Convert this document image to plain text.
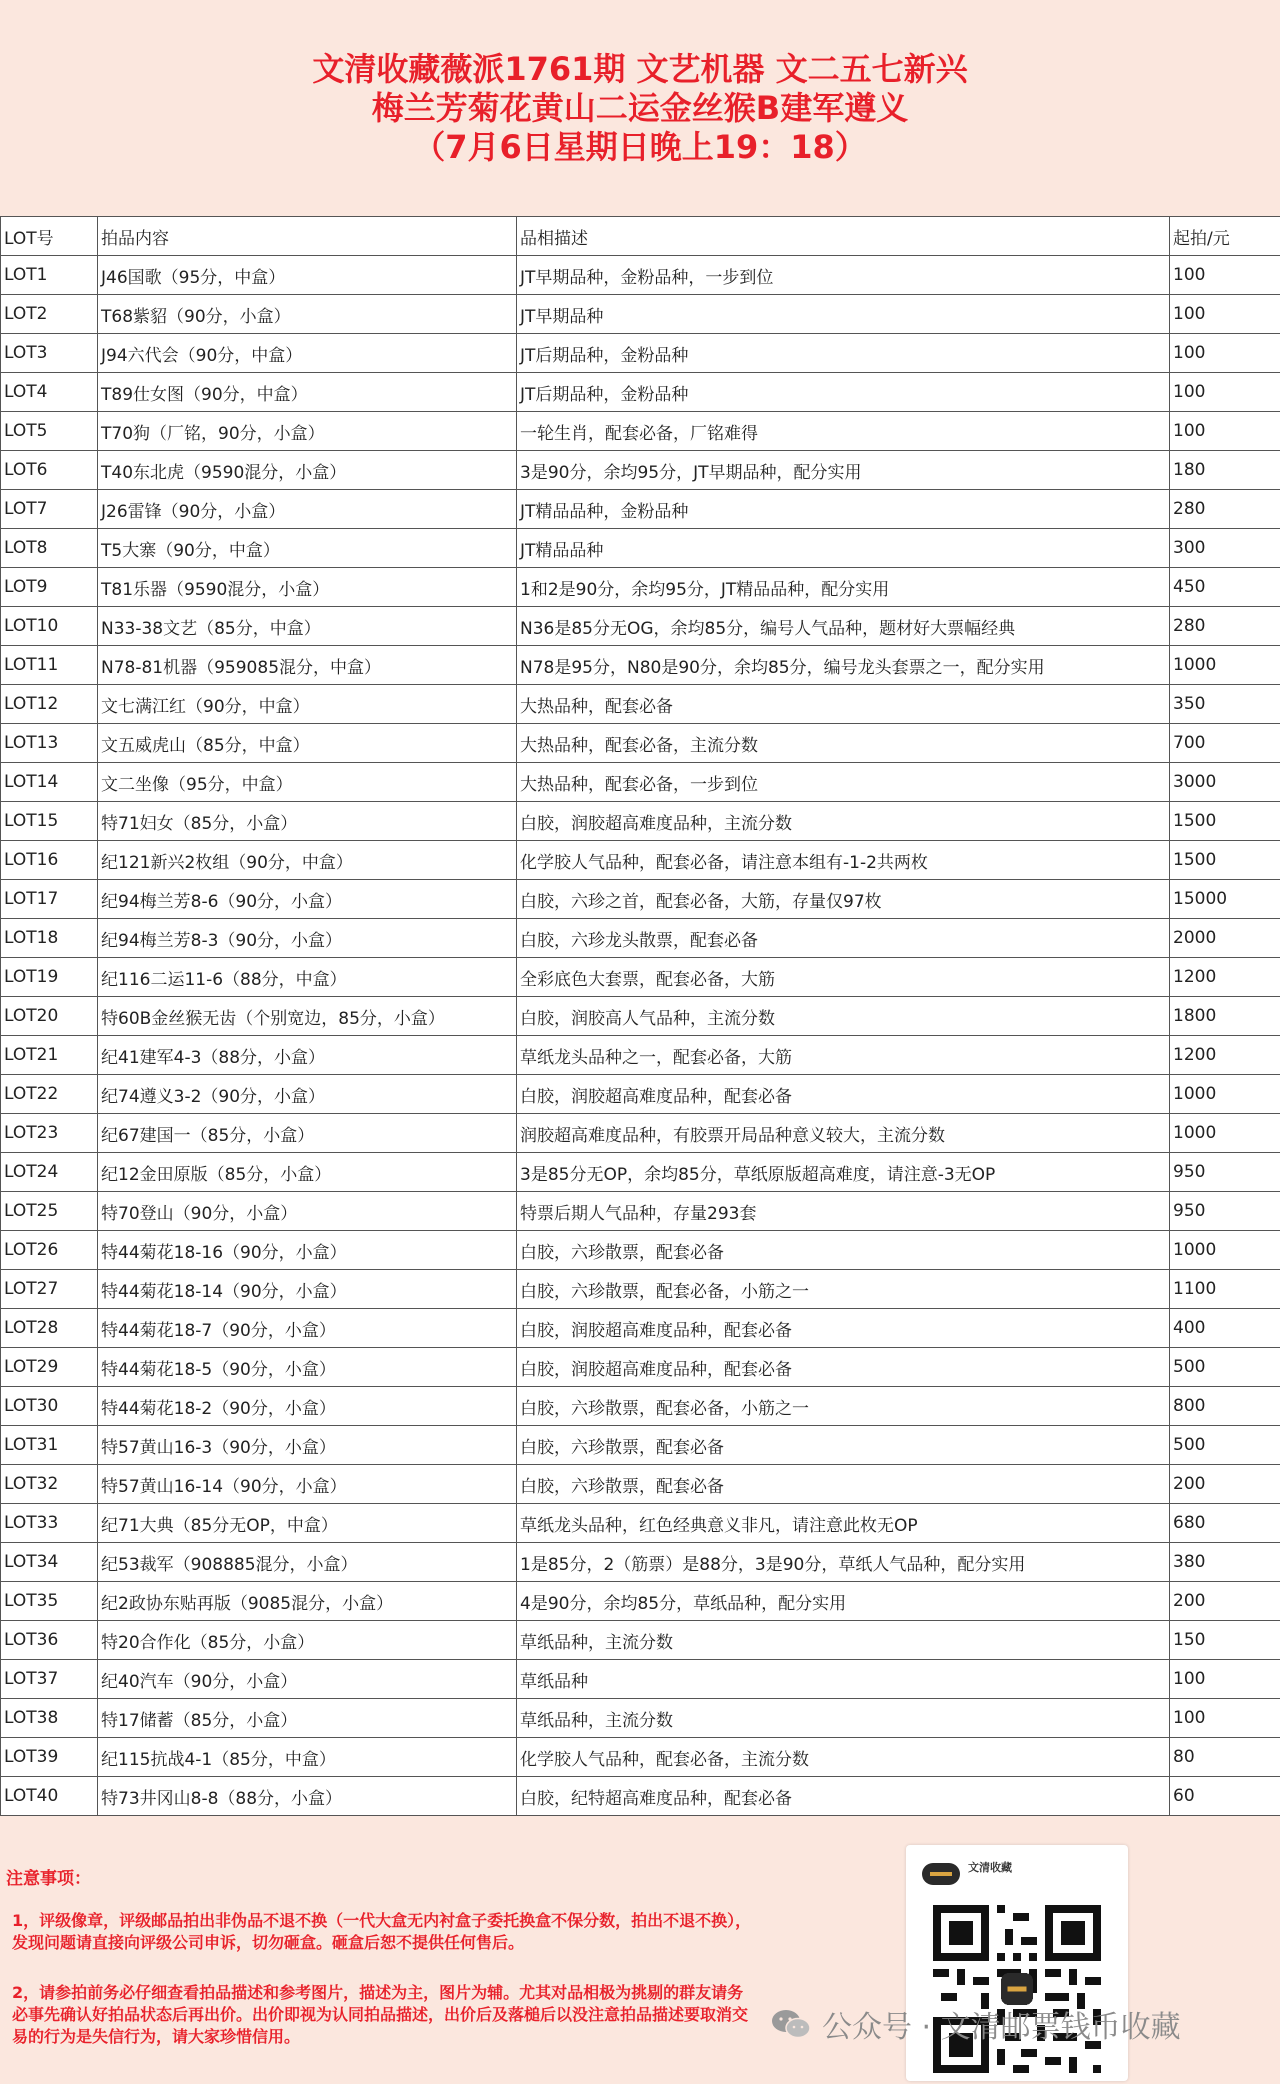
文清收藏薇派1761期 文艺机器 文二五七新兴
梅兰芳菊花黄山二运金丝猴B建军遵义
（7月6日星期日晚上19：18）
LOT号	拍品内容	品相描述	起拍/元
LOT1	J46国歌（95分，中盒）	JT早期品种，金粉品种，一步到位	100
LOT2	T68紫貂（90分，小盒）	JT早期品种	100
LOT3	J94六代会（90分，中盒）	JT后期品种，金粉品种	100
LOT4	T89仕女图（90分，中盒）	JT后期品种，金粉品种	100
LOT5	T70狗（厂铭，90分，小盒）	一轮生肖，配套必备，厂铭难得	100
LOT6	T40东北虎（9590混分，小盒）	3是90分，余均95分，JT早期品种，配分实用	180
LOT7	J26雷锋（90分，小盒）	JT精品品种，金粉品种	280
LOT8	T5大寨（90分，中盒）	JT精品品种	300
LOT9	T81乐器（9590混分，小盒）	1和2是90分，余均95分，JT精品品种，配分实用	450
LOT10	N33-38文艺（85分，中盒）	N36是85分无OG，余均85分，编号人气品种，题材好大票幅经典	280
LOT11	N78-81机器（959085混分，中盒）	N78是95分，N80是90分，余均85分，编号龙头套票之一，配分实用	1000
LOT12	文七满江红（90分，中盒）	大热品种，配套必备	350
LOT13	文五威虎山（85分，中盒）	大热品种，配套必备，主流分数	700
LOT14	文二坐像（95分，中盒）	大热品种，配套必备，一步到位	3000
LOT15	特71妇女（85分，小盒）	白胶，润胶超高难度品种，主流分数	1500
LOT16	纪121新兴2枚组（90分，中盒）	化学胶人气品种，配套必备，请注意本组有-1-2共两枚	1500
LOT17	纪94梅兰芳8-6（90分，小盒）	白胶，六珍之首，配套必备，大筋，存量仅97枚	15000
LOT18	纪94梅兰芳8-3（90分，小盒）	白胶，六珍龙头散票，配套必备	2000
LOT19	纪116二运11-6（88分，中盒）	全彩底色大套票，配套必备，大筋	1200
LOT20	特60B金丝猴无齿（个别宽边，85分，小盒）	白胶，润胶高人气品种，主流分数	1800
LOT21	纪41建军4-3（88分，小盒）	草纸龙头品种之一，配套必备，大筋	1200
LOT22	纪74遵义3-2（90分，小盒）	白胶，润胶超高难度品种，配套必备	1000
LOT23	纪67建国一（85分，小盒）	润胶超高难度品种，有胶票开局品种意义较大，主流分数	1000
LOT24	纪12金田原版（85分，小盒）	3是85分无OP，余均85分，草纸原版超高难度，请注意-3无OP	950
LOT25	特70登山（90分，小盒）	特票后期人气品种，存量293套	950
LOT26	特44菊花18-16（90分，小盒）	白胶，六珍散票，配套必备	1000
LOT27	特44菊花18-14（90分，小盒）	白胶，六珍散票，配套必备，小筋之一	1100
LOT28	特44菊花18-7（90分，小盒）	白胶，润胶超高难度品种，配套必备	400
LOT29	特44菊花18-5（90分，小盒）	白胶，润胶超高难度品种，配套必备	500
LOT30	特44菊花18-2（90分，小盒）	白胶，六珍散票，配套必备，小筋之一	800
LOT31	特57黄山16-3（90分，小盒）	白胶，六珍散票，配套必备	500
LOT32	特57黄山16-14（90分，小盒）	白胶，六珍散票，配套必备	200
LOT33	纪71大典（85分无OP，中盒）	草纸龙头品种，红色经典意义非凡，请注意此枚无OP	680
LOT34	纪53裁军（908885混分，小盒）	1是85分，2（筋票）是88分，3是90分，草纸人气品种，配分实用	380
LOT35	纪2政协东贴再版（9085混分，小盒）	4是90分，余均85分，草纸品种，配分实用	200
LOT36	特20合作化（85分，小盒）	草纸品种，主流分数	150
LOT37	纪40汽车（90分，小盒）	草纸品种	100
LOT38	特17储蓄（85分，小盒）	草纸品种，主流分数	100
LOT39	纪115抗战4-1（85分，中盒）	化学胶人气品种，配套必备，主流分数	80
LOT40	特73井冈山8-8（88分，小盒）	白胶，纪特超高难度品种，配套必备	60
注意事项：
1，评级像章，评级邮品拍出非伪品不退不换（一代大盒无内衬盒子委托换盒不保分数，拍出不退不换），发现问题请直接向评级公司申诉，切勿砸盒。砸盒后恕不提供任何售后。
2，请参拍前务必仔细查看拍品描述和参考图片，描述为主，图片为辅。尤其对品相极为挑剔的群友请务必事先确认好拍品状态后再出价。出价即视为认同拍品描述，出价后及落槌后以没注意拍品描述要取消交易的行为是失信行为，请大家珍惜信用。
文清收藏
公众号 · 文清邮票钱币收藏
